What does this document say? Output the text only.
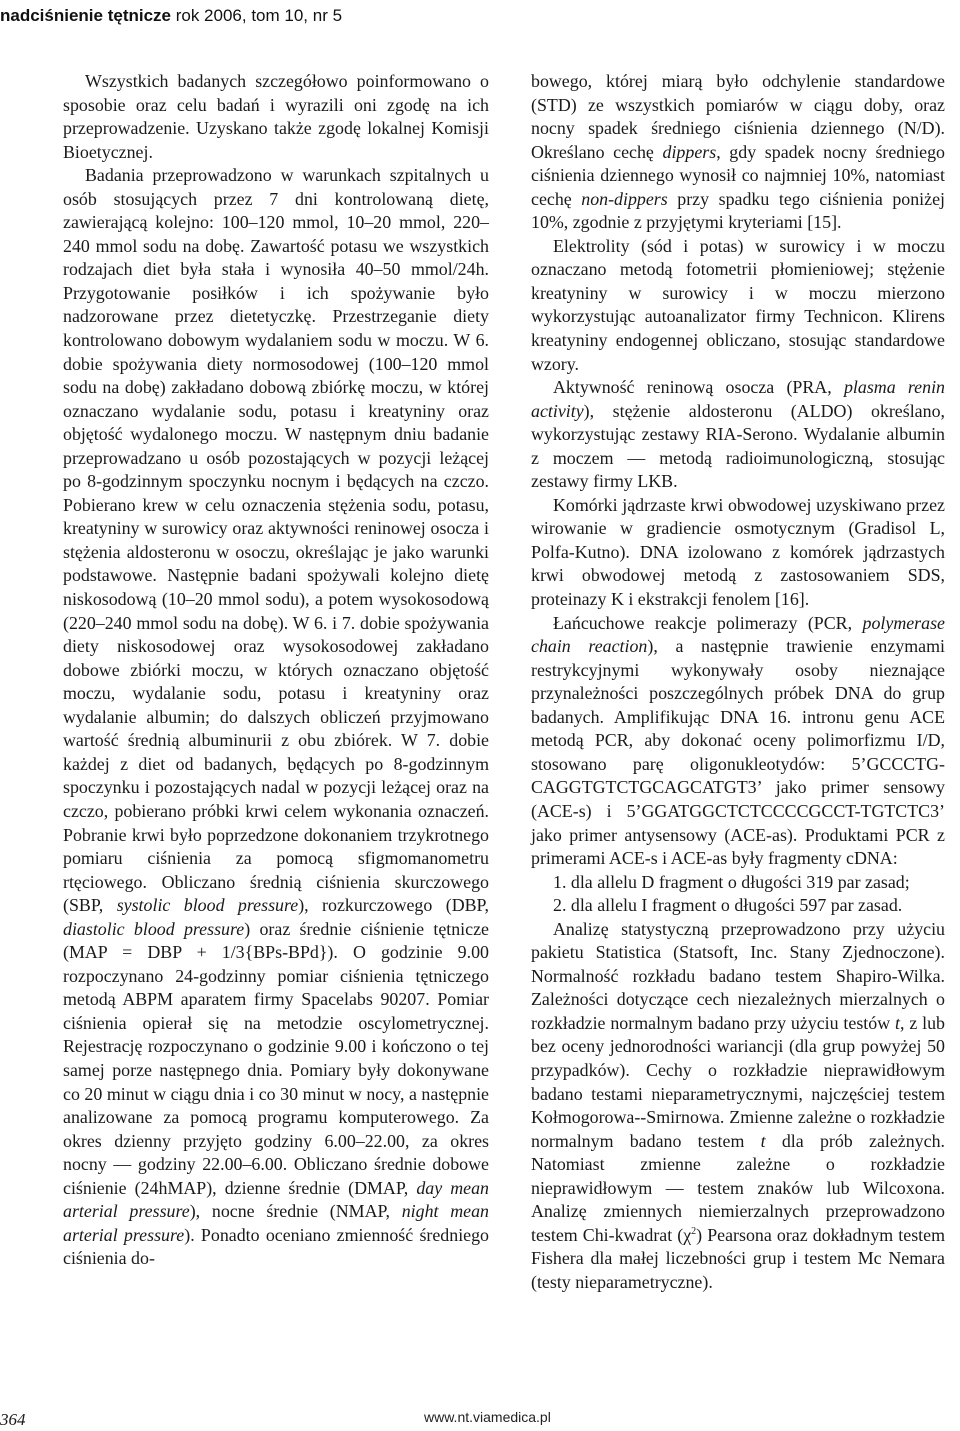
nadciśnienie tętnicze rok 2006, tom 10, nr 5

Wszystkich badanych szczegółowo poinformowano o sposobie oraz celu badań i wyrazili oni zgodę na ich przeprowadzenie. Uzyskano także zgodę lokalnej Komisji Bioetycznej.

Badania przeprowadzono w warunkach szpitalnych u osób stosujących przez 7 dni kontrolowaną dietę, zawierającą kolejno: 100–120 mmol, 10–20 mmol, 220–240 mmol sodu na dobę. Zawartość potasu we wszystkich rodzajach diet była stała i wynosiła 40–50 mmol/24h. Przygotowanie posiłków i ich spożywanie było nadzorowane przez dietetyczkę. Przestrzeganie diety kontrolowano dobowym wydalaniem sodu w moczu. W 6. dobie spożywania diety normosodowej (100–120 mmol sodu na dobę) zakładano dobową zbiórkę moczu, w której oznaczano wydalanie sodu, potasu i kreatyniny oraz objętość wydalonego moczu. W następnym dniu badanie przeprowadzano u osób pozostających w pozycji leżącej po 8-godzinnym spoczynku nocnym i będących na czczo. Pobierano krew w celu oznaczenia stężenia sodu, potasu, kreatyniny w surowicy oraz aktywności reninowej osocza i stężenia aldosteronu w osoczu, określając je jako warunki podstawowe. Następnie badani spożywali kolejno dietę niskosodową (10–20 mmol sodu), a potem wysokosodową (220–240 mmol sodu na dobę). W 6. i 7. dobie spożywania diety niskosodowej oraz wysokosodowej zakładano dobowe zbiórki moczu, w których oznaczano objętość moczu, wydalanie sodu, potasu i kreatyniny oraz wydalanie albumin; do dalszych obliczeń przyjmowano wartość średnią albuminurii z obu zbiórek. W 7. dobie każdej z diet od badanych, będących po 8-godzinnym spoczynku i pozostających nadal w pozycji leżącej oraz na czczo, pobierano próbki krwi celem wykonania oznaczeń. Pobranie krwi było poprzedzone dokonaniem trzykrotnego pomiaru ciśnienia za pomocą sfigmomanometru rtęciowego. Obliczano średnią ciśnienia skurczowego (SBP, systolic blood pressure), rozkurczowego (DBP, diastolic blood pressure) oraz średnie ciśnienie tętnicze (MAP = DBP + 1/3{BPs-BPd}). O godzinie 9.00 rozpoczynano 24-godzinny pomiar ciśnienia tętniczego metodą ABPM aparatem firmy Spacelabs 90207. Pomiar ciśnienia opierał się na metodzie oscylometrycznej. Rejestrację rozpoczynano o godzinie 9.00 i kończono o tej samej porze następnego dnia. Pomiary były dokonywane co 20 minut w ciągu dnia i co 30 minut w nocy, a następnie analizowane za pomocą programu komputerowego. Za okres dzienny przyjęto godziny 6.00–22.00, za okres nocny — godziny 22.00–6.00. Obliczano średnie dobowe ciśnienie (24hMAP), dzienne średnie (DMAP, day mean arterial pressure), nocne średnie (NMAP, night mean arterial pressure). Ponadto oceniano zmienność średniego ciśnienia do-

bowego, której miarą było odchylenie standardowe (STD) ze wszystkich pomiarów w ciągu doby, oraz nocny spadek średniego ciśnienia dziennego (N/D). Określano cechę dippers, gdy spadek nocny średniego ciśnienia dziennego wynosił co najmniej 10%, natomiast cechę non-dippers przy spadku tego ciśnienia poniżej 10%, zgodnie z przyjętymi kryteriami [15].

Elektrolity (sód i potas) w surowicy i w moczu oznaczano metodą fotometrii płomieniowej; stężenie kreatyniny w surowicy i w moczu mierzono wykorzystując autoanalizator firmy Technicon. Klirens kreatyniny endogennej obliczano, stosując standardowe wzory.

Aktywność reninową osocza (PRA, plasma renin activity), stężenie aldosteronu (ALDO) określano, wykorzystując zestawy RIA-Serono. Wydalanie albumin z moczem — metodą radioimunologiczną, stosując zestawy firmy LKB.

Komórki jądrzaste krwi obwodowej uzyskiwano przez wirowanie w gradiencie osmotycznym (Gradisol L, Polfa-Kutno). DNA izolowano z komórek jądrzastych krwi obwodowej metodą z zastosowaniem SDS, proteinazy K i ekstrakcji fenolem [16].

Łańcuchowe reakcje polimerazy (PCR, polymerase chain reaction), a następnie trawienie enzymami restrykcyjnymi wykonywały osoby nieznające przynależności poszczególnych próbek DNA do grup badanych. Amplifikując DNA 16. intronu genu ACE metodą PCR, aby dokonać oceny polimorfizmu I/D, stosowano parę oligonukleotydów: 5’GCCCTG-CAGGTGTCTGCAGCATGT3’ jako primer sensowy (ACE-s) i 5’GGATGGCTCTCCCCGCCT-TGTCTC3’ jako primer antysensowy (ACE-as). Produktami PCR z primerami ACE-s i ACE-as były fragmenty cDNA:

1. dla allelu D fragment o długości 319 par zasad;

2. dla allelu I fragment o długości 597 par zasad.

Analizę statystyczną przeprowadzono przy użyciu pakietu Statistica (Statsoft, Inc. Stany Zjednoczone). Normalność rozkładu badano testem Shapiro-Wilka. Zależności dotyczące cech niezależnych mierzalnych o rozkładzie normalnym badano przy użyciu testów t, z lub bez oceny jednorodności wariancji (dla grup powyżej 50 przypadków). Cechy o rozkładzie nieprawidłowym badano testami nieparametrycznymi, najczęściej testem Kołmogorowa--Smirnowa. Zmienne zależne o rozkładzie normalnym badano testem t dla prób zależnych. Natomiast zmienne zależne o rozkładzie nieprawidłowym — testem znaków lub Wilcoxona. Analizę zmiennych niemierzalnych przeprowadzono testem Chi-kwadrat $(\chi^2)$ Pearsona oraz dokładnym testem Fishera dla małej liczebności grup i testem Mc Nemara (testy nieparametryczne).

364	www.nt.viamedica.pl
